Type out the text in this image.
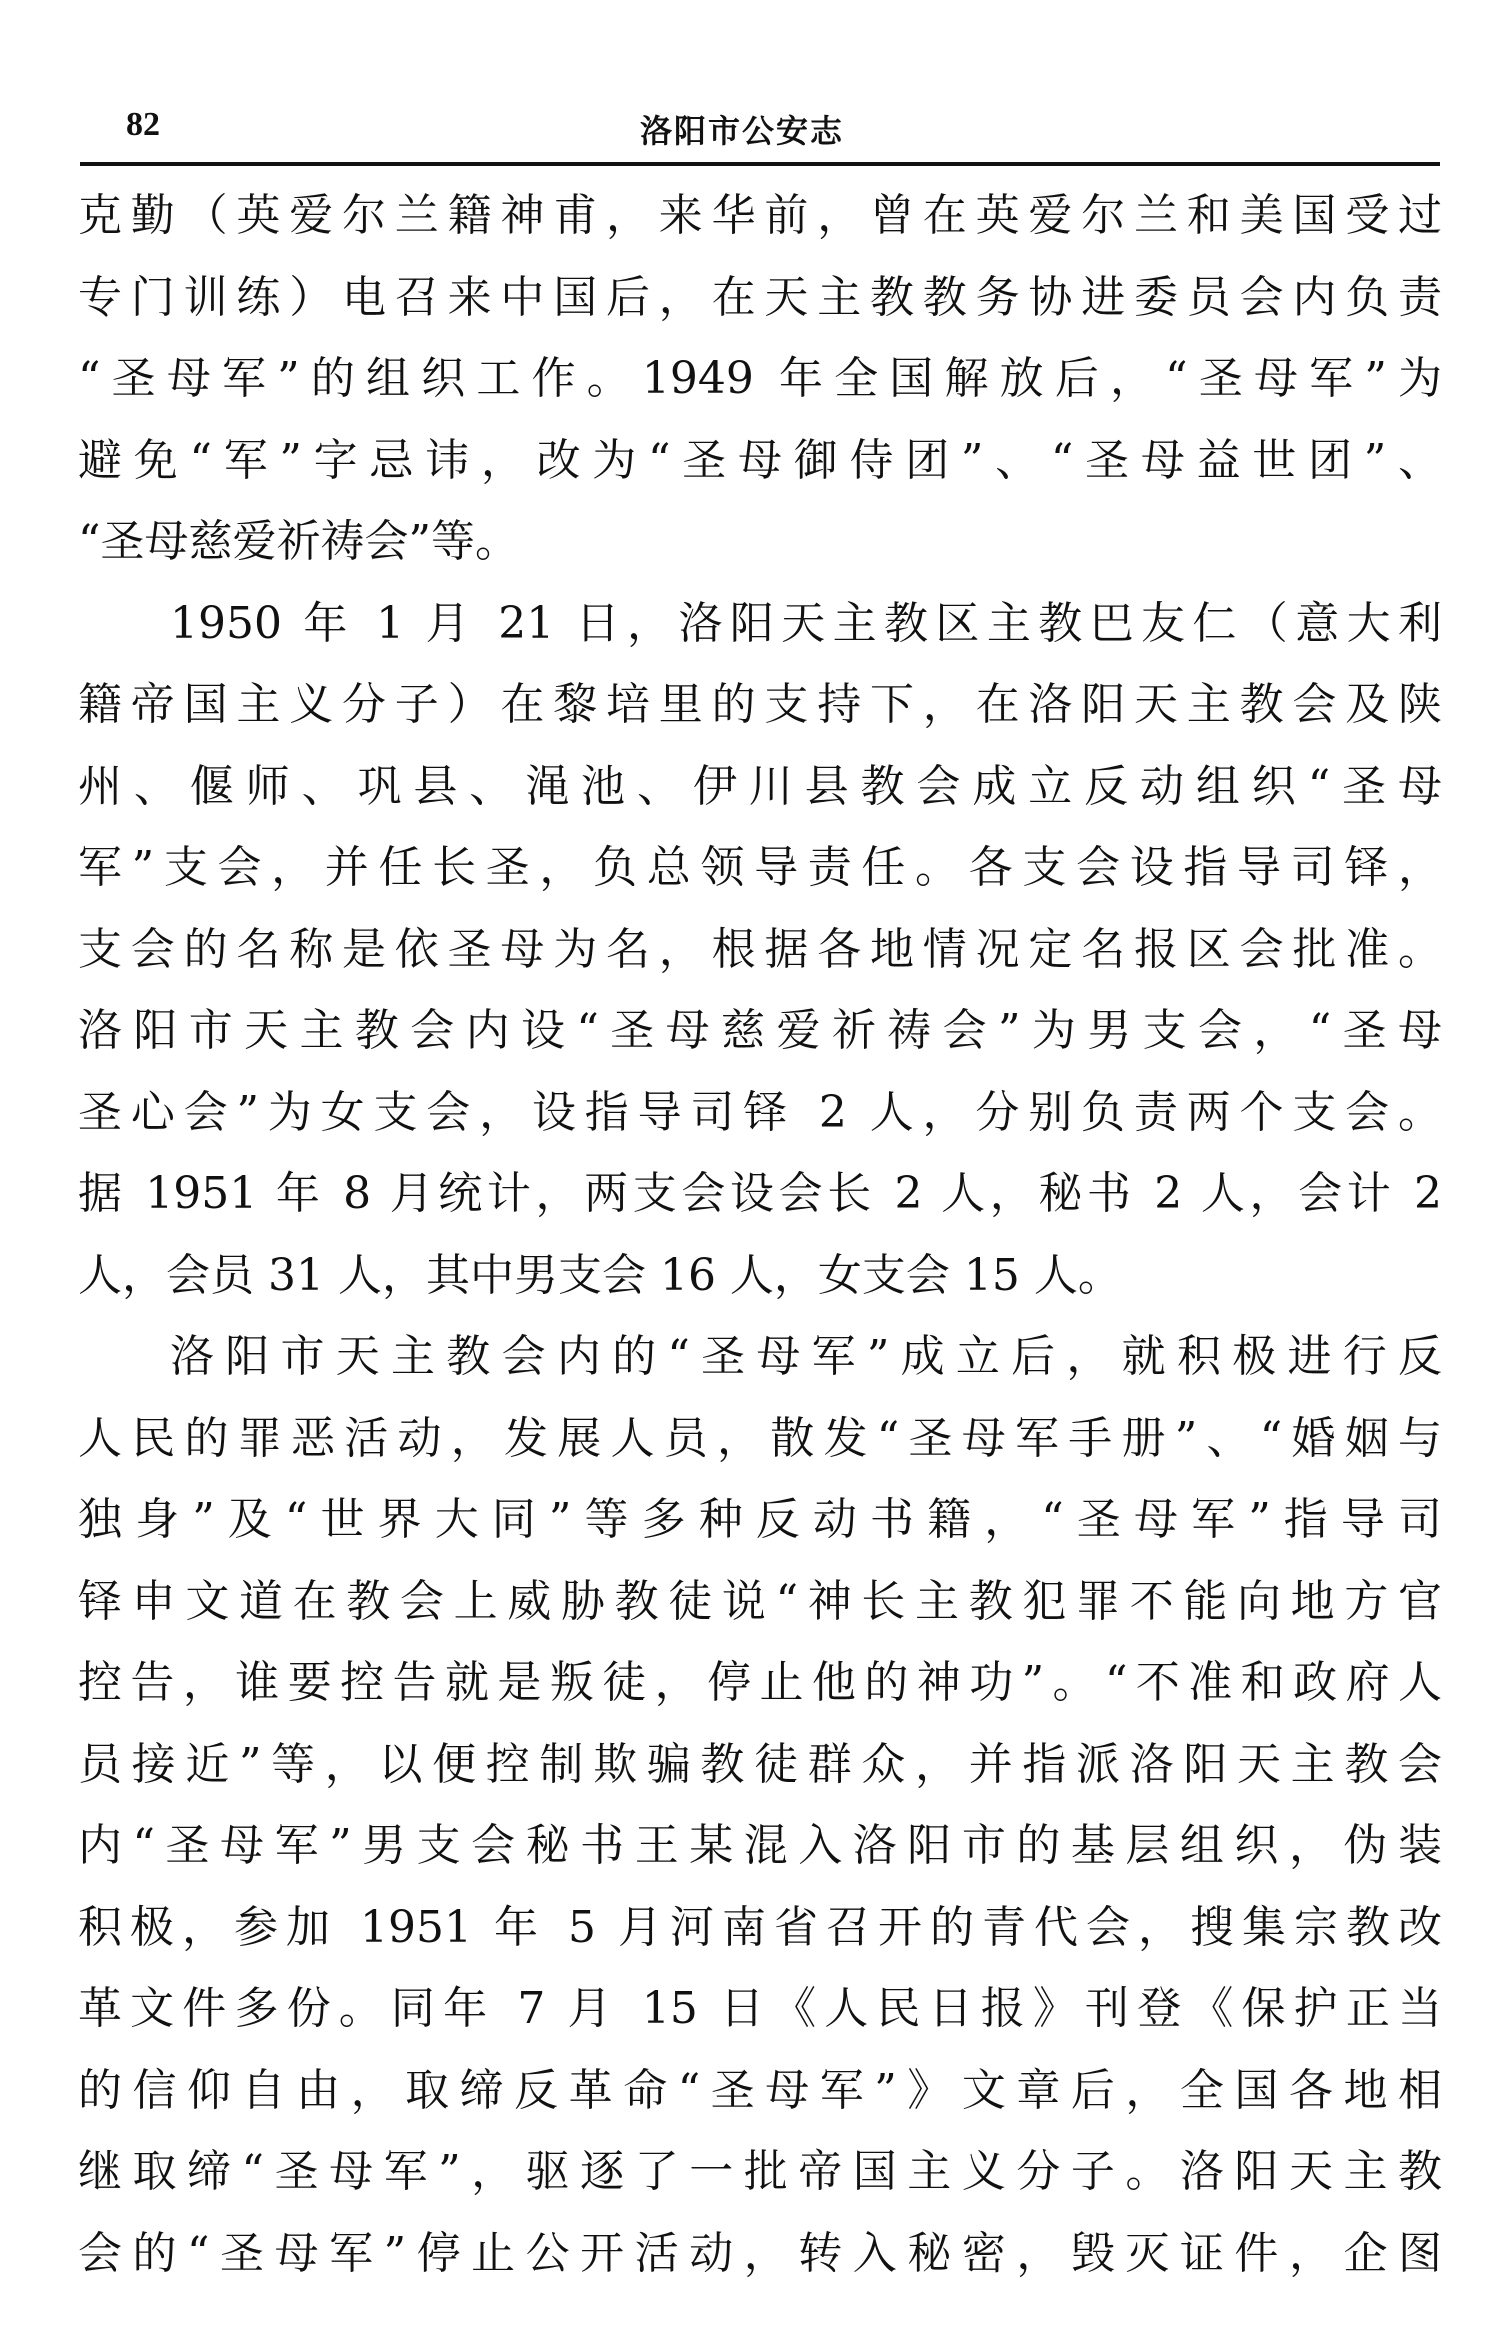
82	洛阳市公安志
克勤（英爱尔兰籍神甫，来华前，曾在英爱尔兰和美国受过
专门训练）电召来中国后，在天主教教务协进委员会内负责
“圣母军”的组织工作。1949 年全国解放后，“圣母军”为
避免“军”字忌讳，改为“圣母御侍团”、“圣母益世团”、
“圣母慈爱祈祷会”等。
1950 年 1 月 21 日，洛阳天主教区主教巴友仁（意大利
籍帝国主义分子）在黎培里的支持下，在洛阳天主教会及陕
州、偃师、巩县、渑池、伊川县教会成立反动组织“圣母
军”支会，并任长圣，负总领导责任。各支会设指导司铎，
支会的名称是依圣母为名，根据各地情况定名报区会批准。
洛阳市天主教会内设“圣母慈爱祈祷会”为男支会，“圣母
圣心会”为女支会，设指导司铎 2 人，分别负责两个支会。
据 1951 年 8 月统计，两支会设会长 2 人，秘书 2 人，会计 2
人，会员 31 人，其中男支会 16 人，女支会 15 人。
洛阳市天主教会内的“圣母军”成立后，就积极进行反
人民的罪恶活动，发展人员，散发“圣母军手册”、“婚姻与
独身”及“世界大同”等多种反动书籍，“圣母军”指导司
铎申文道在教会上威胁教徒说“神长主教犯罪不能向地方官
控告，谁要控告就是叛徒，停止他的神功”。“不准和政府人
员接近”等，以便控制欺骗教徒群众，并指派洛阳天主教会
内“圣母军”男支会秘书王某混入洛阳市的基层组织，伪装
积极，参加 1951 年 5 月河南省召开的青代会，搜集宗教改
革文件多份。同年 7 月 15 日《人民日报》刊登《保护正当
的信仰自由，取缔反革命“圣母军”》文章后，全国各地相
继取缔“圣母军”，驱逐了一批帝国主义分子。洛阳天主教
会的“圣母军”停止公开活动，转入秘密，毁灭证件，企图
